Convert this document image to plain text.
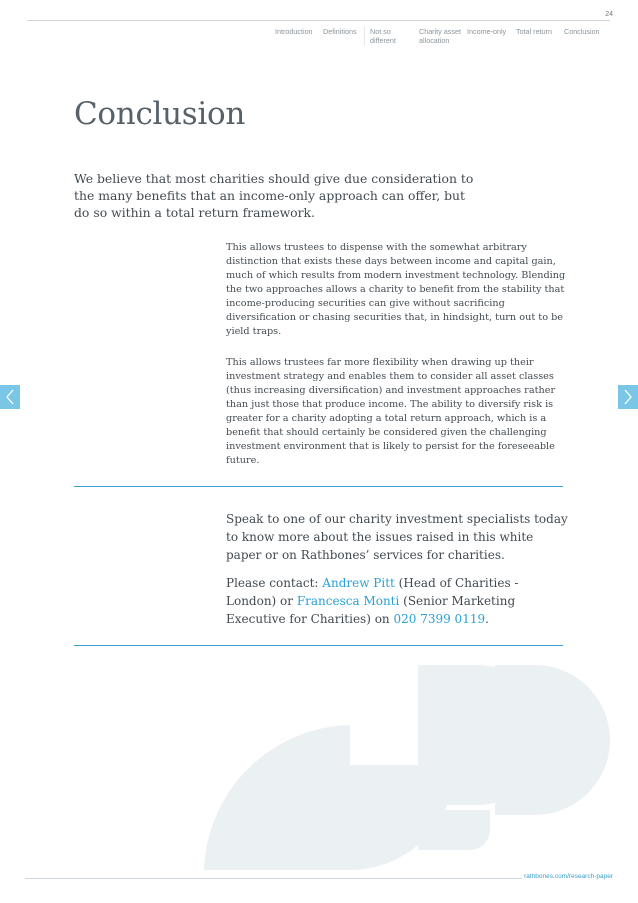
24
Introduction Definitions Not so different
Charity asset allocation
Income-only Total return Conclusion
Conclusion

We believe that most charities should give due consideration to the many benefits that an income-only approach can offer, but do so within a total return framework.

This allows trustees to dispense with the somewhat arbitrary distinction that exists these days between income and capital gain, much of which results from modern investment technology. Blending the two approaches allows a charity to benefit from the stability that income-producing securities can give without sacrificing diversification or chasing securities that, in hindsight, turn out to be yield traps.

This allows trustees far more flexibility when drawing up their investment strategy and enables them to consider all asset classes (thus increasing diversification) and investment approaches rather than just those that produce income. The ability to diversify risk is greater for a charity adopting a total return approach, which is a benefit that should certainly be considered given the challenging investment environment that is likely to persist for the foreseeable future.

Speak to one of our charity investment specialists today to know more about the issues raised in this white paper or on Rathbones’ services for charities.

Please contact: Andrew Pitt (Head of Charities - London) or Francesca Monti (Senior Marketing Executive for Charities) on 020 7399 0119.

rathbones.com/research-paper
